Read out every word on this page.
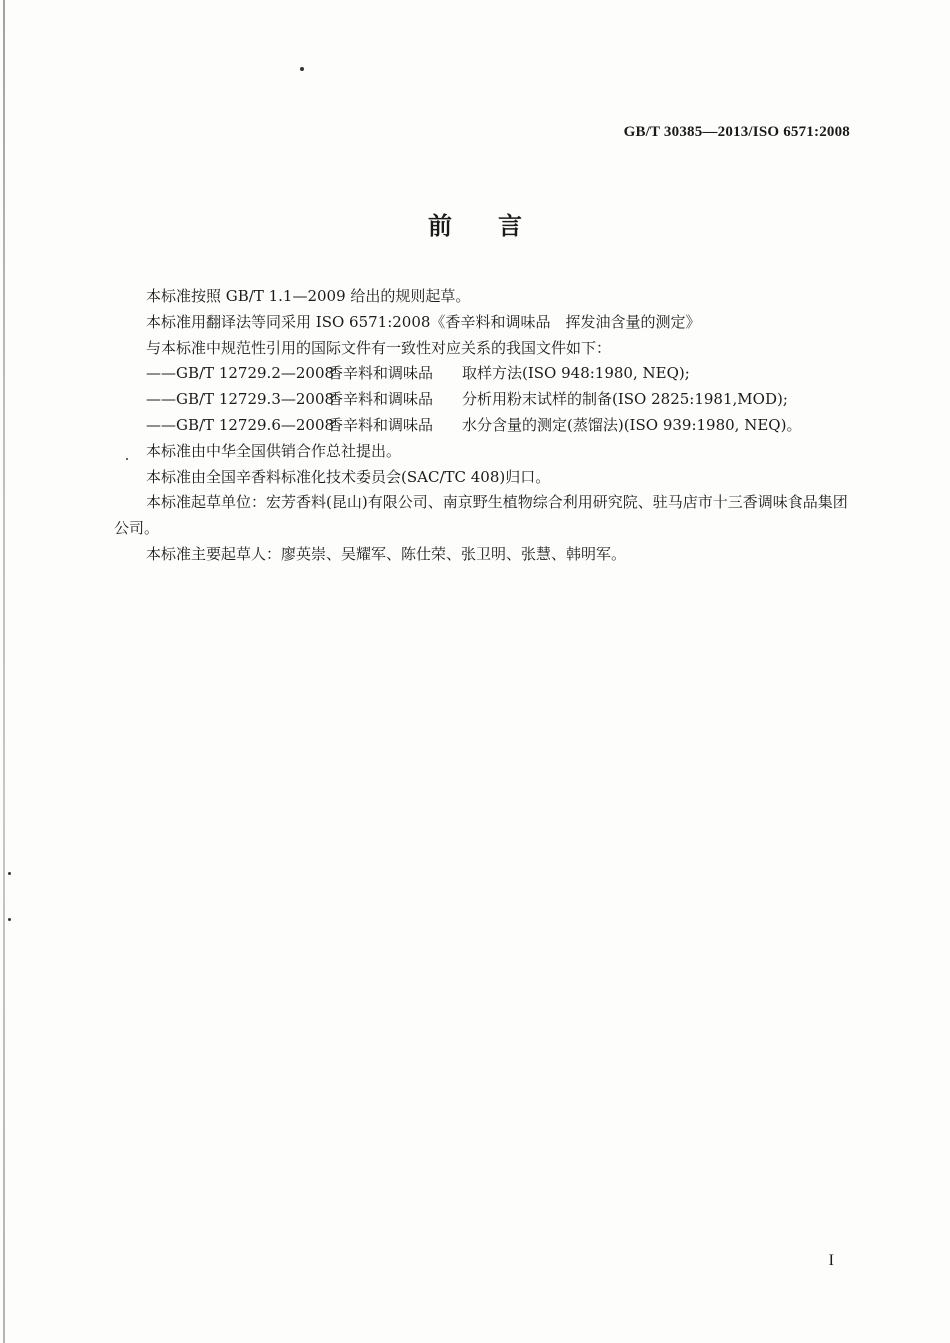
GB/T 30385—2013/ISO 6571:2008
前言
本标准按照 GB/T 1.1—2009 给出的规则起草。
本标准用翻译法等同采用 ISO 6571:2008《香辛料和调味品　挥发油含量的测定》
与本标准中规范性引用的国际文件有一致性对应关系的我国文件如下：
——GB/T 12729.2—2008香辛料和调味品 取样方法(ISO 948:1980, NEQ);
——GB/T 12729.3—2008香辛料和调味品 分析用粉末试样的制备(ISO 2825:1981,MOD);
——GB/T 12729.6—2008香辛料和调味品 水分含量的测定(蒸馏法)(ISO 939:1980, NEQ)。
本标准由中华全国供销合作总社提出。
本标准由全国辛香料标准化技术委员会(SAC/TC 408)归口。
本标准起草单位：宏芳香料(昆山)有限公司、南京野生植物综合利用研究院、驻马店市十三香调味食品集团公司。
本标准主要起草人：廖英崇、吴耀军、陈仕荣、张卫明、张慧、韩明军。
I
